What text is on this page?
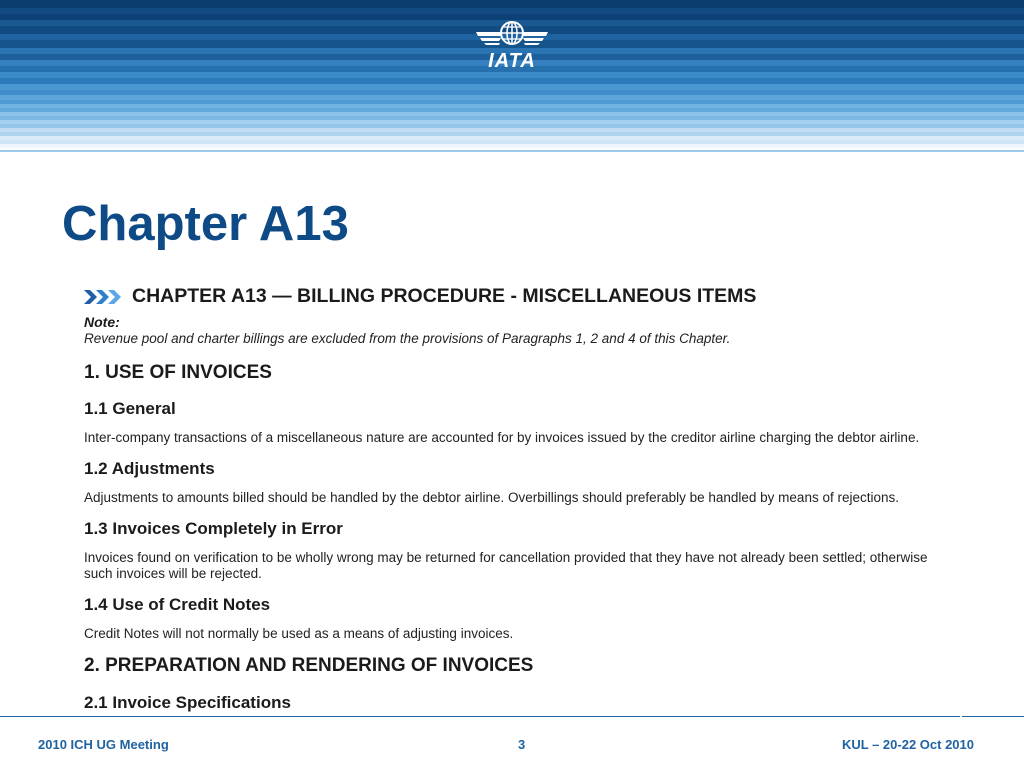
IATA
Chapter A13
CHAPTER A13 — BILLING PROCEDURE - MISCELLANEOUS ITEMS
Note:
Revenue pool and charter billings are excluded from the provisions of Paragraphs 1, 2 and 4 of this Chapter.
1. USE OF INVOICES
1.1 General
Inter-company transactions of a miscellaneous nature are accounted for by invoices issued by the creditor airline charging the debtor airline.
1.2 Adjustments
Adjustments to amounts billed should be handled by the debtor airline. Overbillings should preferably be handled by means of rejections.
1.3 Invoices Completely in Error
Invoices found on verification to be wholly wrong may be returned for cancellation provided that they have not already been settled; otherwise
such invoices will be rejected.
1.4 Use of Credit Notes
Credit Notes will not normally be used as a means of adjusting invoices.
2. PREPARATION AND RENDERING OF INVOICES
2.1 Invoice Specifications
2010 ICH UG Meeting	3	KUL – 20-22 Oct 2010
